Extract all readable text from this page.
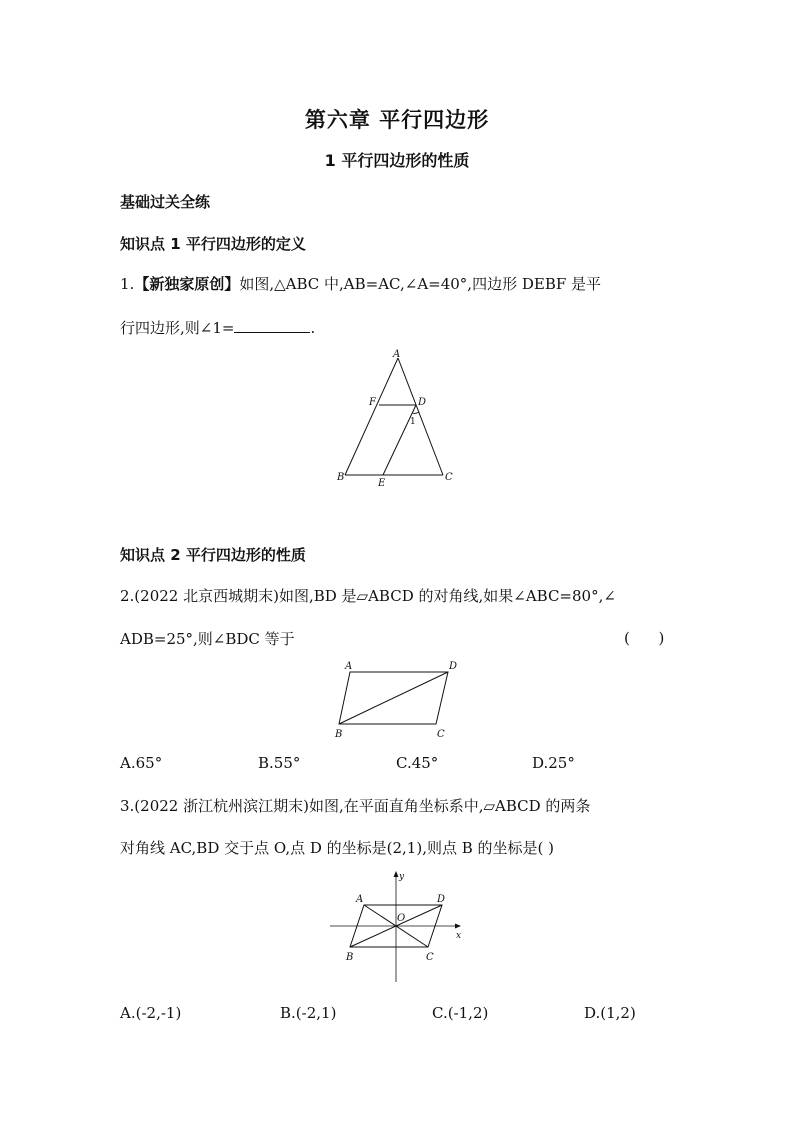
第六章 平行四边形
1 平行四边形的性质
基础过关全练
知识点 1 平行四边形的定义
1.【新独家原创】如图,△ABC 中,AB=AC,∠A=40°,四边形 DEBF 是平
行四边形,则∠1=	.
A
B	C
D
E
F
1
知识点 2 平行四边形的性质
2.(2022 北京西城期末)如图,BD 是▱ABCD 的对角线,如果∠ABC=80°,∠
ADB=25°,则∠BDC 等于	(      )
A
B	C
D
A.65°	B.55°	C.45°	D.25°
3.(2022 浙江杭州滨江期末)如图,在平面直角坐标系中,▱ABCD 的两条
对角线 AC,BD 交于点 O,点 D 的坐标是(2,1),则点 B 的坐标是( )
A
B	C
D
O
x
y
A.(-2,-1)	B.(-2,1)	C.(-1,2)	D.(1,2)
